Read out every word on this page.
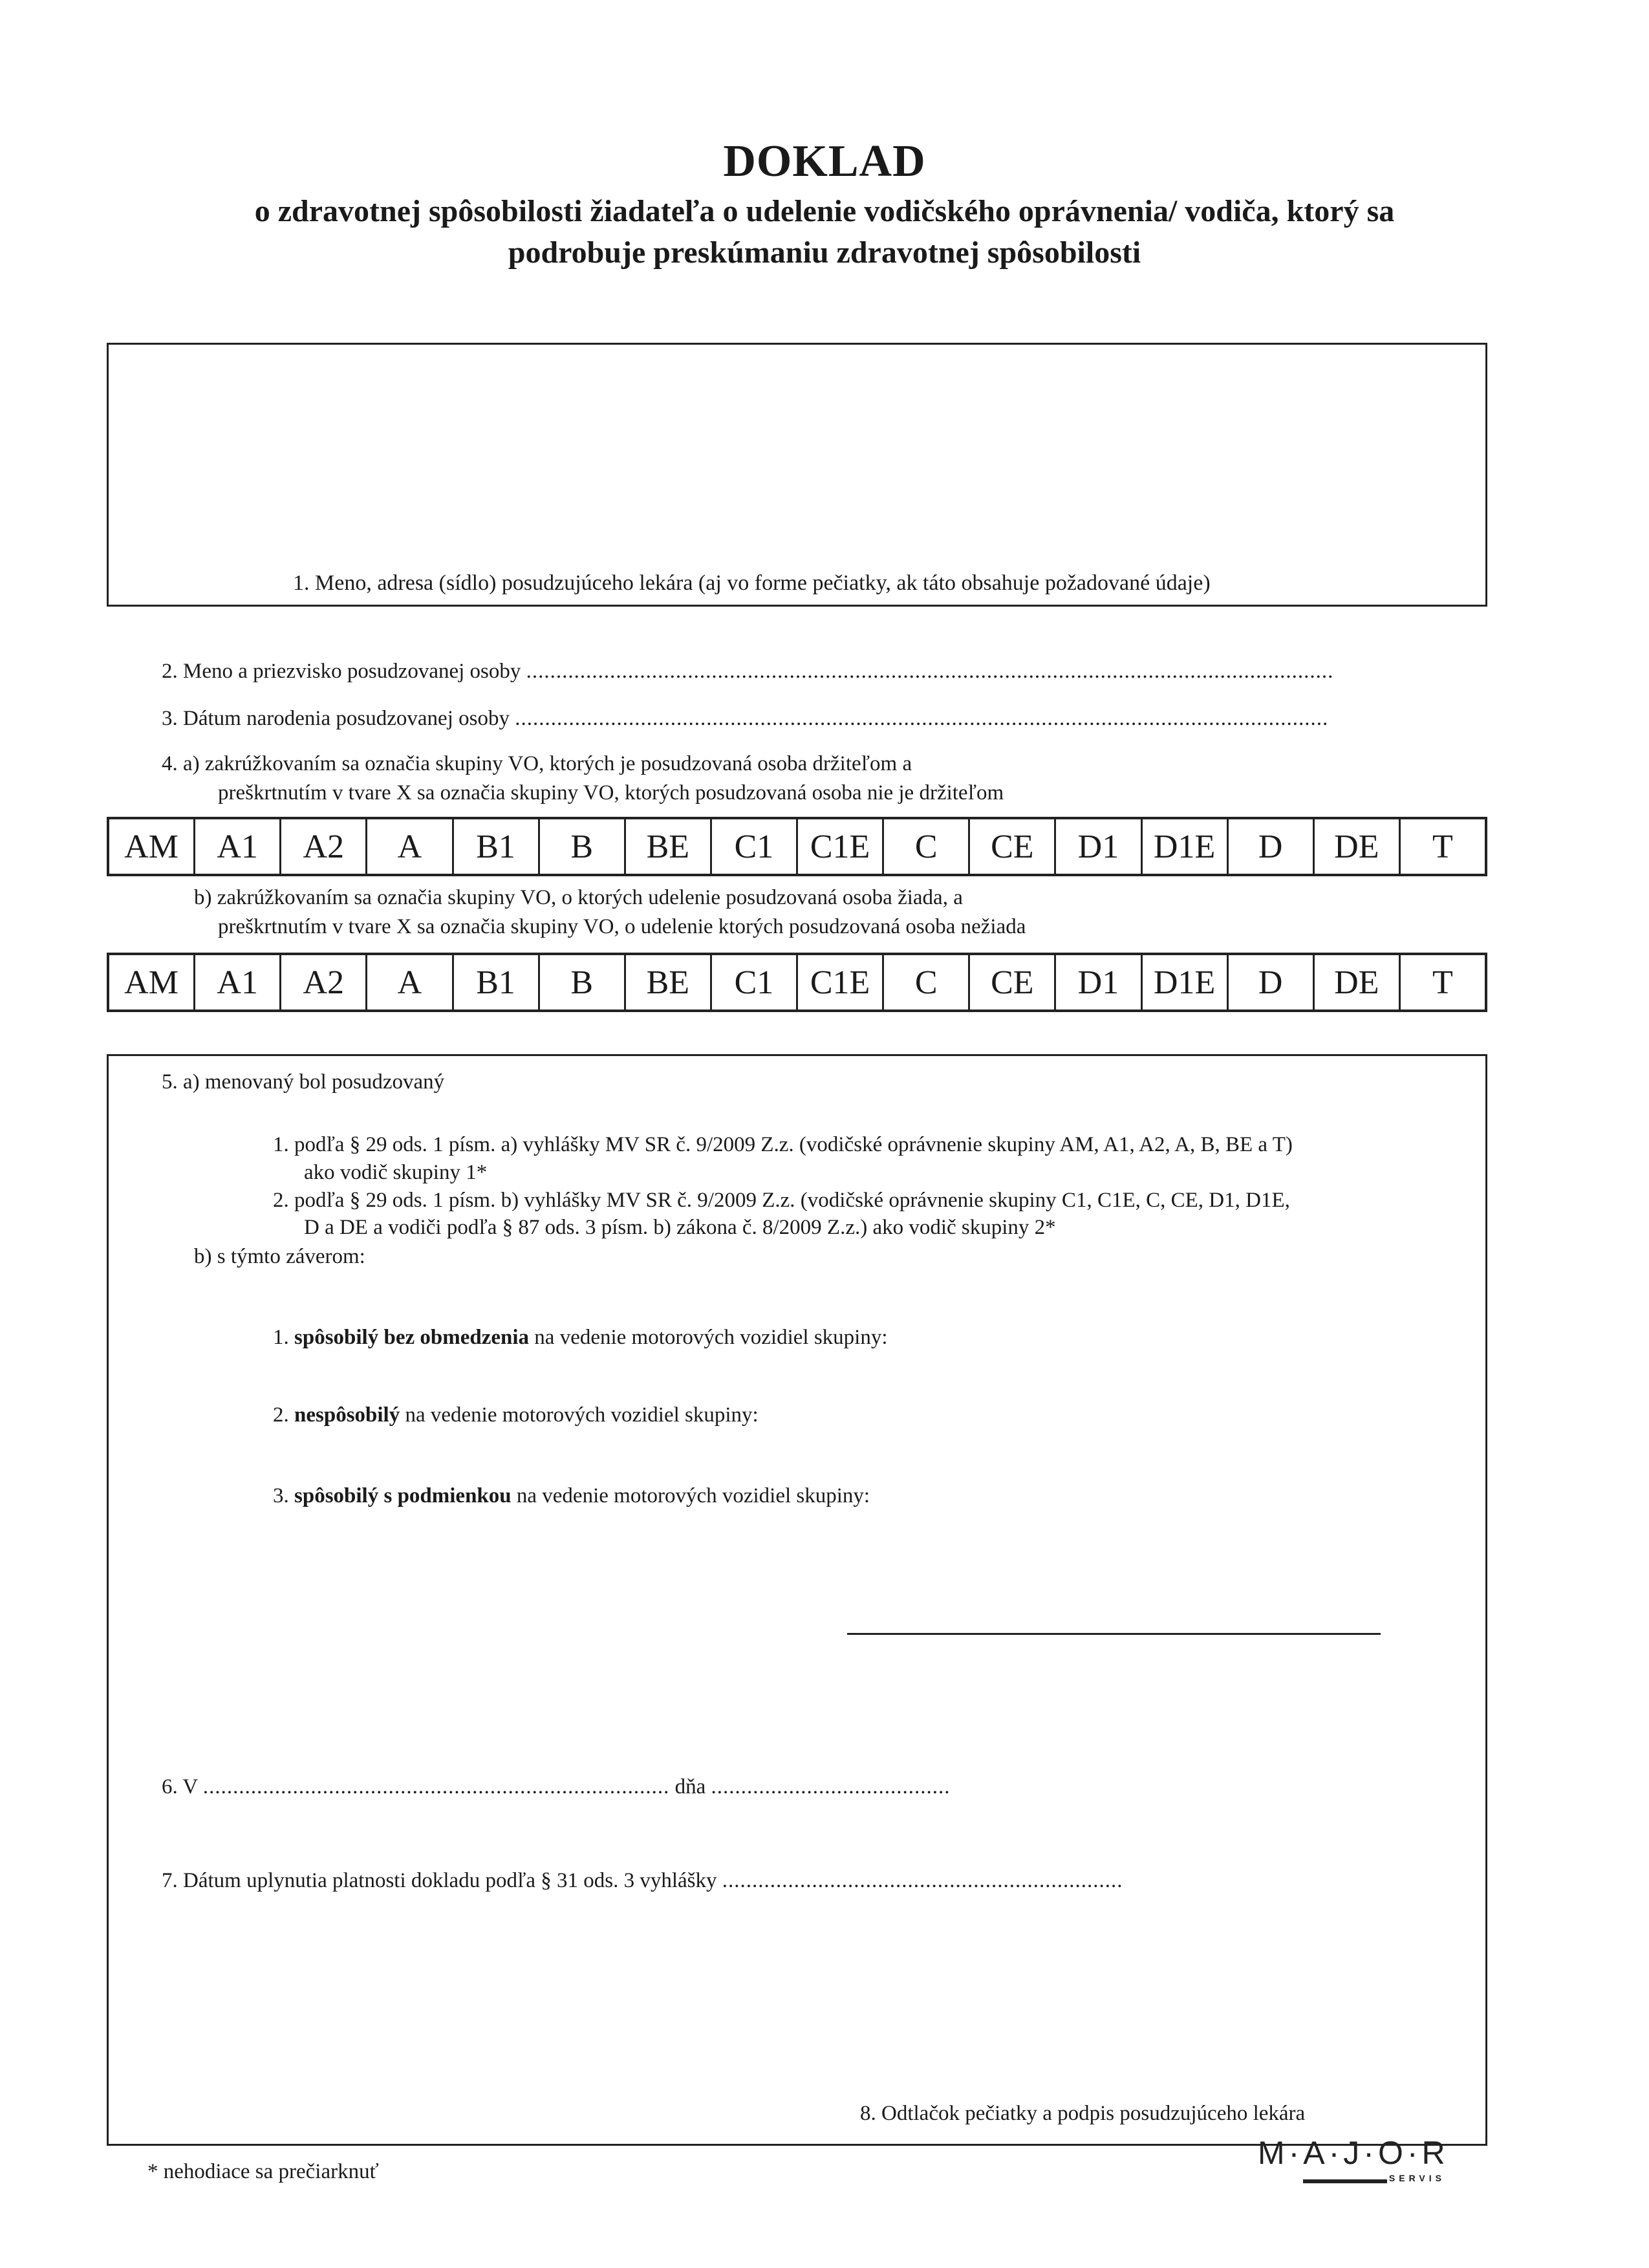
DOKLAD
o zdravotnej spôsobilosti žiadateľa o udelenie vodičského oprávnenia/ vodiča, ktorý sa
podrobuje preskúmaniu zdravotnej spôsobilosti
1. Meno, adresa (sídlo) posudzujúceho lekára (aj vo forme pečiatky, ak táto obsahuje požadované údaje)
2. Meno a priezvisko posudzovanej osoby .......................................................................................................................................
3. Dátum narodenia posudzovanej osoby ........................................................................................................................................
4. a) zakrúžkovaním sa označia skupiny VO, ktorých je posudzovaná osoba držiteľom a
preškrtnutím v tvare X sa označia skupiny VO, ktorých posudzovaná osoba nie je držiteľom
AM	A1	A2	A	B1	B	BE	C1	C1E	C	CE	D1	D1E	D	DE	T
b) zakrúžkovaním sa označia skupiny VO, o ktorých udelenie posudzovaná osoba žiada, a
preškrtnutím v tvare X sa označia skupiny VO, o udelenie ktorých posudzovaná osoba nežiada
AM	A1	A2	A	B1	B	BE	C1	C1E	C	CE	D1	D1E	D	DE	T
5. a) menovaný bol posudzovaný
1. podľa § 29 ods. 1 písm. a) vyhlášky MV SR č. 9/2009 Z.z. (vodičské oprávnenie skupiny AM, A1, A2, A, B, BE a T)
ako vodič skupiny 1*
2. podľa § 29 ods. 1 písm. b) vyhlášky MV SR č. 9/2009 Z.z. (vodičské oprávnenie skupiny C1, C1E, C, CE, D1, D1E,
D a DE a vodiči podľa § 87 ods. 3 písm. b) zákona č. 8/2009 Z.z.) ako vodič skupiny 2*
b) s týmto záverom:
1. spôsobilý bez obmedzenia na vedenie motorových vozidiel skupiny:
2. nespôsobilý na vedenie motorových vozidiel skupiny:
3. spôsobilý s podmienkou na vedenie motorových vozidiel skupiny:
6. V .............................................................................. dňa ........................................
7. Dátum uplynutia platnosti dokladu podľa § 31 ods. 3 vyhlášky ...................................................................
8. Odtlačok pečiatky a podpis posudzujúceho lekára
* nehodiace sa prečiarknuť
M·A·J·O·R
SERVIS
